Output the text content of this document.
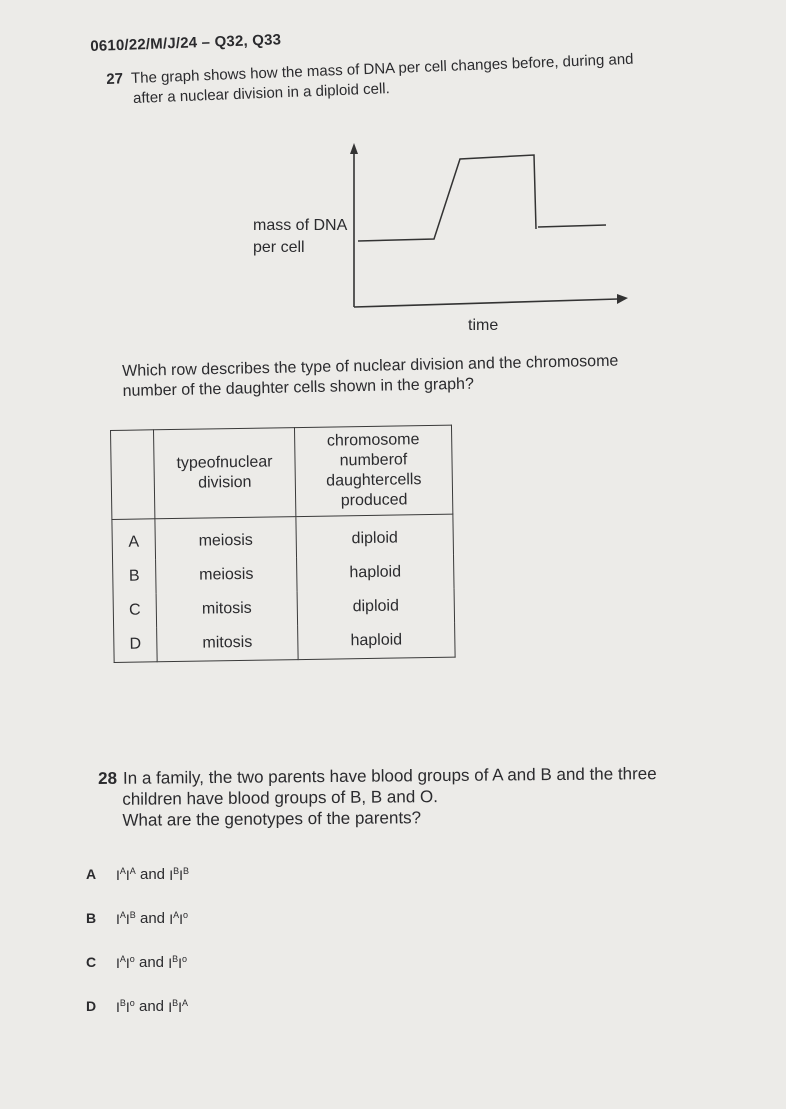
0610/22/M/J/24 – Q32, Q33
27 The graph shows how the mass of DNA per cell changes before, during and
after a nuclear division in a diploid cell.
mass of DNA
per cell
time
Which row describes the type of nuclear division and the chromosome
number of the daughter cells shown in the graph?
	typeofnuclear division	chromosome numberof daughtercells produced
A	meiosis	diploid
B	meiosis	haploid
C	mitosis	diploid
D	mitosis	haploid
28 In a family, the two parents have blood groups of A and B and the three
children have blood groups of B, B and O.
What are the genotypes of the parents?
A	$I^AI^A$
and
$I^BI^B$
B	$I^AI^B$
and
$I^AI^o$
C	$I^AI^o$
and
$I^BI^o$
D	$I^BI^o$
and
$I^BI^A$
